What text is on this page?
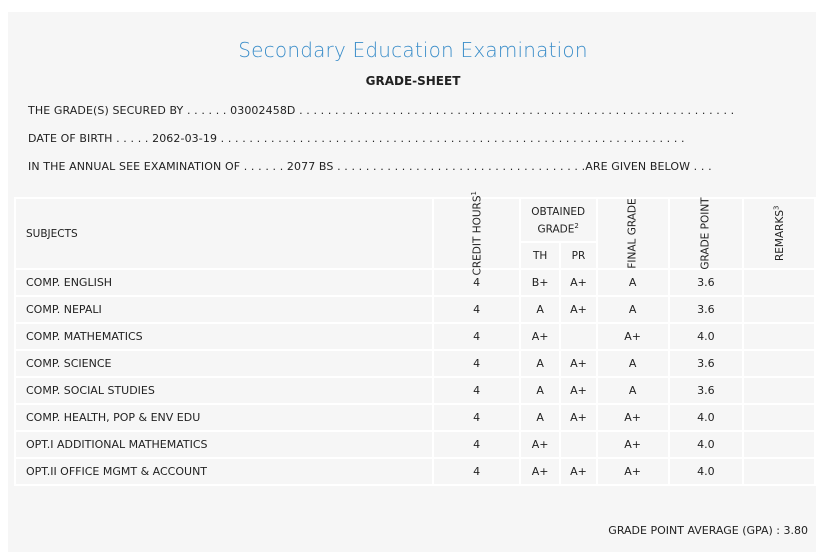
Secondary Education Examination
GRADE-SHEET
THE GRADE(S) SECURED BY . . . . . . 03002458D . . . . . . . . . . . . . . . . . . . . . . . . . . . . . . . . . . . . . . . . . . . . . . . . . . . . . . . . . . . . .
DATE OF BIRTH . . . . . 2062-03-19 . . . . . . . . . . . . . . . . . . . . . . . . . . . . . . . . . . . . . . . . . . . . . . . . . . . . . . . . . . . . . . . . .
IN THE ANNUAL SEE EXAMINATION OF . . . . . . 2077 BS . . . . . . . . . . . . . . . . . . . . . . . . . . . . . . . . . . .ARE GIVEN BELOW . . .
SUBJECTS	CREDIT HOURS$^1$	OBTAINED GRADE$^2$		FINAL GRADE	GRADE POINT	REMARKS$^3$

		TH	PR			
COMP. ENGLISH	4	B+	A+	A	3.6	
COMP. NEPALI	4	A	A+	A	3.6	
COMP. MATHEMATICS	4	A+		A+	4.0	
COMP. SCIENCE	4	A	A+	A	3.6	
COMP. SOCIAL STUDIES	4	A	A+	A	3.6	
COMP. HEALTH, POP & ENV EDU	4	A	A+	A+	4.0	
OPT.I ADDITIONAL MATHEMATICS	4	A+		A+	4.0	
OPT.II OFFICE MGMT & ACCOUNT	4	A+	A+	A+	4.0	
GRADE POINT AVERAGE (GPA) : 3.80
